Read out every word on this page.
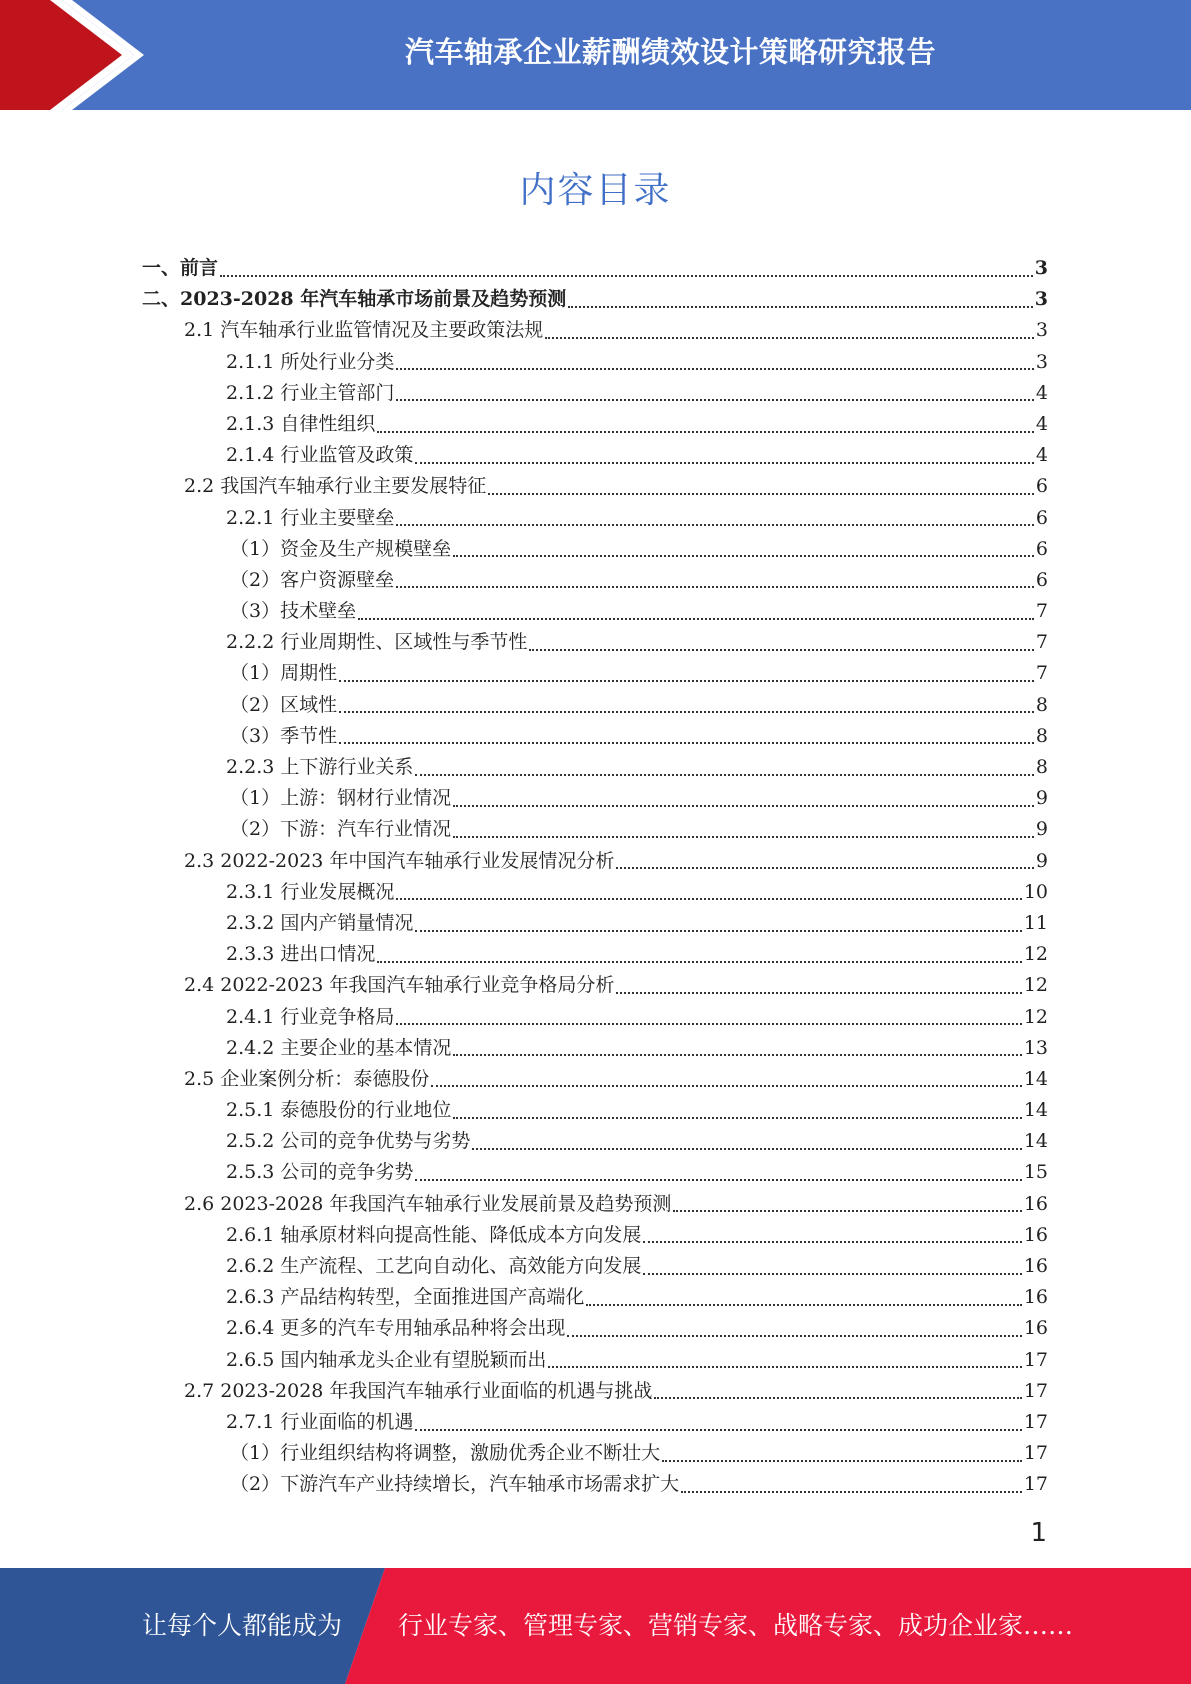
汽车轴承企业薪酬绩效设计策略研究报告
内容目录
一、前言	3
二、2023-2028 年汽车轴承市场前景及趋势预测	3
2.1 汽车轴承行业监管情况及主要政策法规	3
2.1.1 所处行业分类	3
2.1.2 行业主管部门	4
2.1.3 自律性组织	4
2.1.4 行业监管及政策	4
2.2 我国汽车轴承行业主要发展特征	6
2.2.1 行业主要壁垒	6
（1）资金及生产规模壁垒	6
（2）客户资源壁垒	6
（3）技术壁垒	7
2.2.2 行业周期性、区域性与季节性	7
（1）周期性	7
（2）区域性	8
（3）季节性	8
2.2.3 上下游行业关系	8
（1）上游：钢材行业情况	9
（2）下游：汽车行业情况	9
2.3 2022-2023 年中国汽车轴承行业发展情况分析	9
2.3.1 行业发展概况	10
2.3.2 国内产销量情况	11
2.3.3 进出口情况	12
2.4 2022-2023 年我国汽车轴承行业竞争格局分析	12
2.4.1 行业竞争格局	12
2.4.2 主要企业的基本情况	13
2.5 企业案例分析：泰德股份	14
2.5.1 泰德股份的行业地位	14
2.5.2 公司的竞争优势与劣势	14
2.5.3 公司的竞争劣势	15
2.6 2023-2028 年我国汽车轴承行业发展前景及趋势预测	16
2.6.1 轴承原材料向提高性能、降低成本方向发展	16
2.6.2 生产流程、工艺向自动化、高效能方向发展	16
2.6.3 产品结构转型，全面推进国产高端化	16
2.6.4 更多的汽车专用轴承品种将会出现	16
2.6.5 国内轴承龙头企业有望脱颖而出	17
2.7 2023-2028 年我国汽车轴承行业面临的机遇与挑战	17
2.7.1 行业面临的机遇	17
（1）行业组织结构将调整，激励优秀企业不断壮大	17
（2）下游汽车产业持续增长，汽车轴承市场需求扩大	17
1
让每个人都能成为 行业专家、管理专家、营销专家、战略专家、成功企业家……
